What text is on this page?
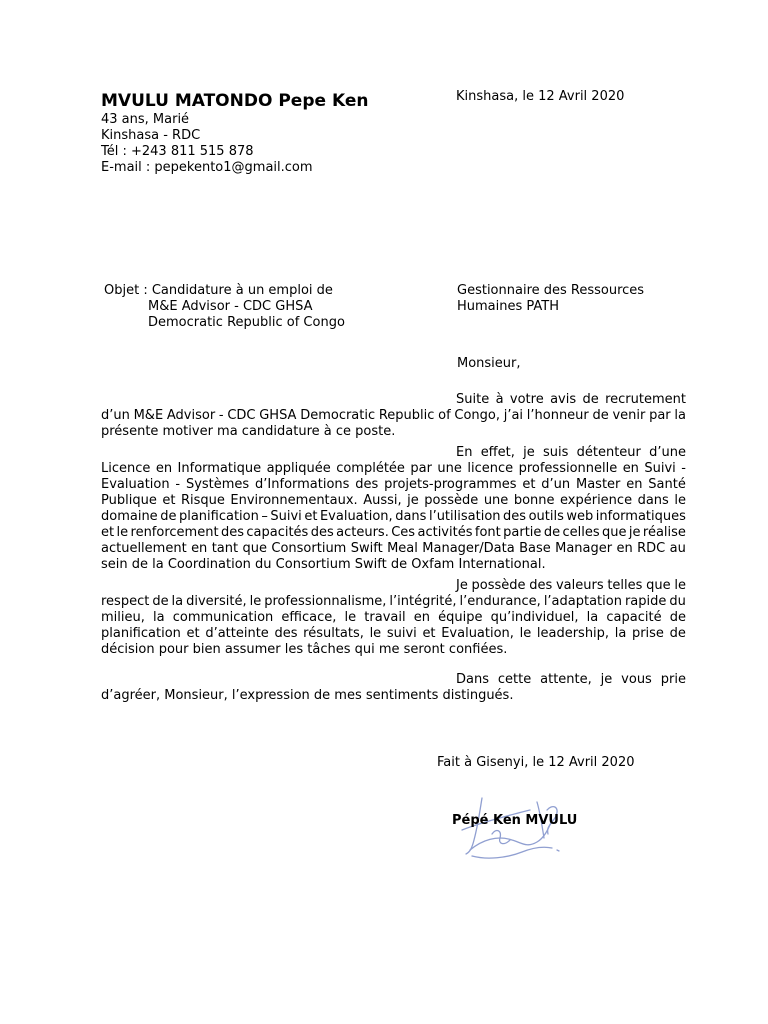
MVULU MATONDO Pepe Ken
43 ans, Marié
Kinshasa - RDC
Tél : +243 811 515 878
E-mail : pepekento1@gmail.com
Kinshasa, le 12 Avril 2020
Objet : Candidature à un emploi de
M&E Advisor - CDC GHSA
Democratic Republic of Congo
Gestionnaire des Ressources
Humaines PATH
Monsieur,
Suite à votre avis de recrutement
d’un M&E Advisor - CDC GHSA Democratic Republic of Congo, j’ai l’honneur de venir par la
présente motiver ma candidature à ce poste.
En effet, je suis détenteur d’une
Licence en Informatique appliquée complétée par une licence professionnelle en Suivi -
Evaluation - Systèmes d’Informations des projets-programmes et d’un Master en Santé
Publique et Risque Environnementaux. Aussi, je possède une bonne expérience dans le
domaine de planification – Suivi et Evaluation, dans l’utilisation des outils web informatiques
et le renforcement des capacités des acteurs. Ces activités font partie de celles que je réalise
actuellement en tant que Consortium Swift Meal Manager/Data Base Manager en RDC au
sein de la Coordination du Consortium Swift de Oxfam International.
Je possède des valeurs telles que le
respect de la diversité, le professionnalisme, l’intégrité, l’endurance, l’adaptation rapide du
milieu, la communication efficace, le travail en équipe qu’individuel, la capacité de
planification et d’atteinte des résultats, le suivi et Evaluation, le leadership, la prise de
décision pour bien assumer les tâches qui me seront confiées.
Dans cette attente, je vous prie
d’agréer, Monsieur, l’expression de mes sentiments distingués.
Fait à Gisenyi, le 12 Avril 2020
Pépé Ken MVULU
